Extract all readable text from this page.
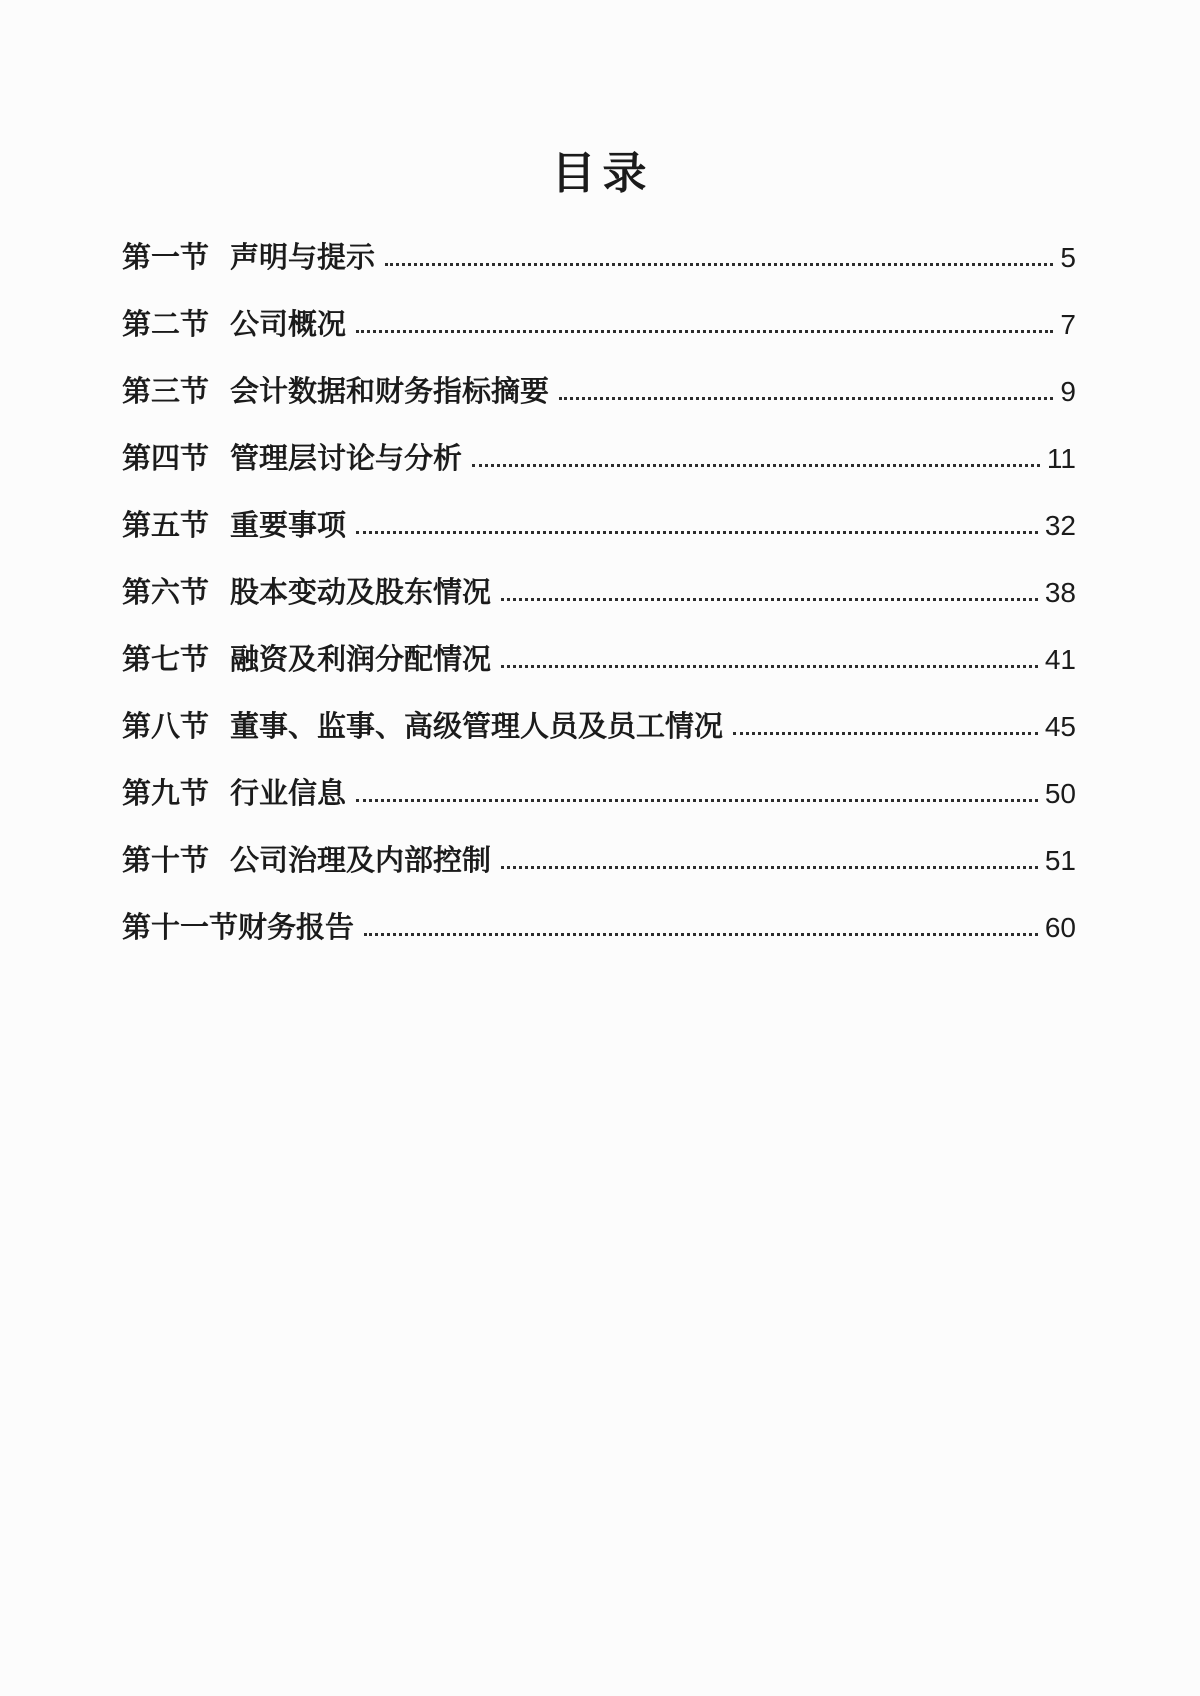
目录
第一节 声明与提示	5
第二节 公司概况	7
第三节 会计数据和财务指标摘要	9
第四节 管理层讨论与分析	11
第五节 重要事项	32
第六节 股本变动及股东情况	38
第七节 融资及利润分配情况	41
第八节 董事、监事、高级管理人员及员工情况	45
第九节 行业信息	50
第十节 公司治理及内部控制	51
第十一节 财务报告	60
